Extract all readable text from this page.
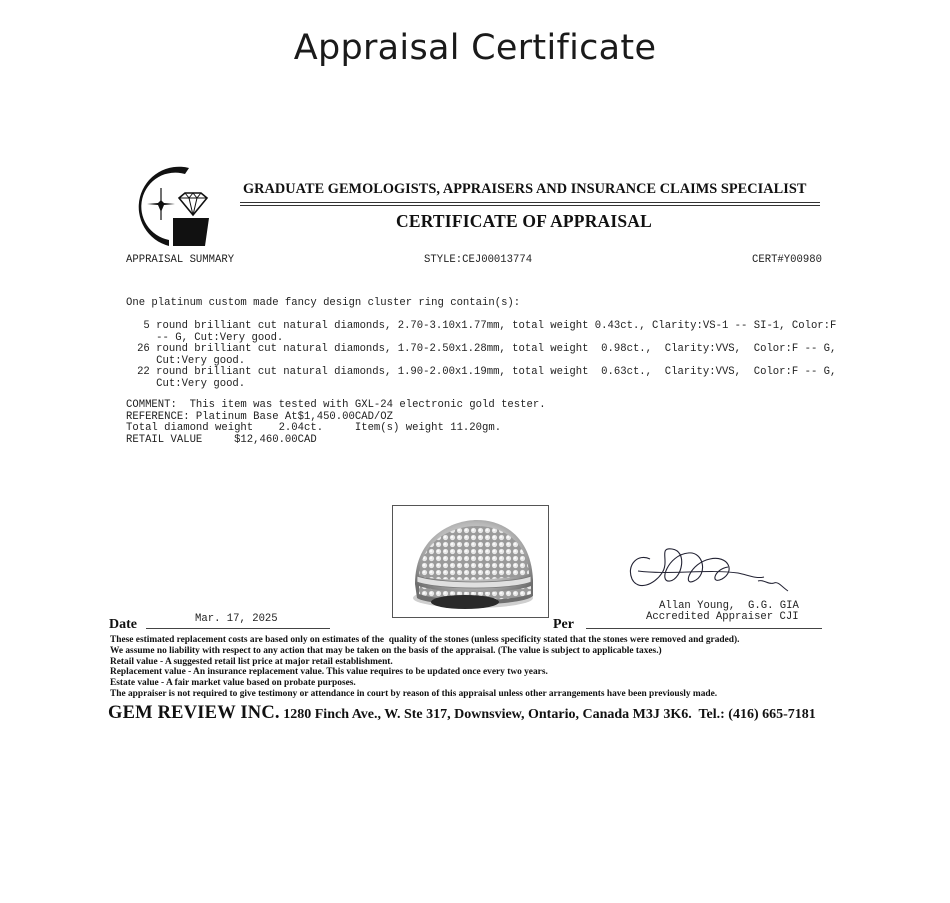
Appraisal Certificate
GRADUATE GEMOLOGISTS, APPRAISERS AND INSURANCE CLAIMS SPECIALIST
CERTIFICATE OF APPRAISAL
APPRAISAL SUMMARY	STYLE:CEJ00013774	CERT#Y00980
One platinum custom made fancy design cluster ring contain(s):
5 round brilliant cut natural diamonds, 2.70-3.10x1.77mm, total weight 0.43ct., Clarity:VS-1 -- SI-1, Color:F
-- G, Cut:Very good.
26 round brilliant cut natural diamonds, 1.70-2.50x1.28mm, total weight  0.98ct.,  Clarity:VVS,  Color:F -- G,
Cut:Very good.
22 round brilliant cut natural diamonds, 1.90-2.00x1.19mm, total weight  0.63ct.,  Clarity:VVS,  Color:F -- G,
Cut:Very good.
COMMENT:  This item was tested with GXL-24 electronic gold tester.
REFERENCE: Platinum Base At$1,450.00CAD/OZ
Total diamond weight    2.04ct.     Item(s) weight 11.20gm.
RETAIL VALUE     $12,460.00CAD
Allan Young,  G.G. GIA
Accredited Appraiser CJI
Date	Mar. 17, 2025	Per
These estimated replacement costs are based only on estimates of the  quality of the stones (unless specificity stated that the stones were removed and graded).
We assume no liability with respect to any action that may be taken on the basis of the appraisal. (The value is subject to applicable taxes.)
Retail value - A suggested retail list price at major retail establishment.
Replacement value - An insurance replacement value. This value requires to be updated once every two years.
Estate value - A fair market value based on probate purposes.
The appraiser is not required to give testimony or attendance in court by reason of this appraisal unless other arrangements have been previously made.
GEM REVIEW INC. 1280 Finch Ave., W. Ste 317, Downsview, Ontario, Canada M3J 3K6.  Tel.: (416) 665-7181
